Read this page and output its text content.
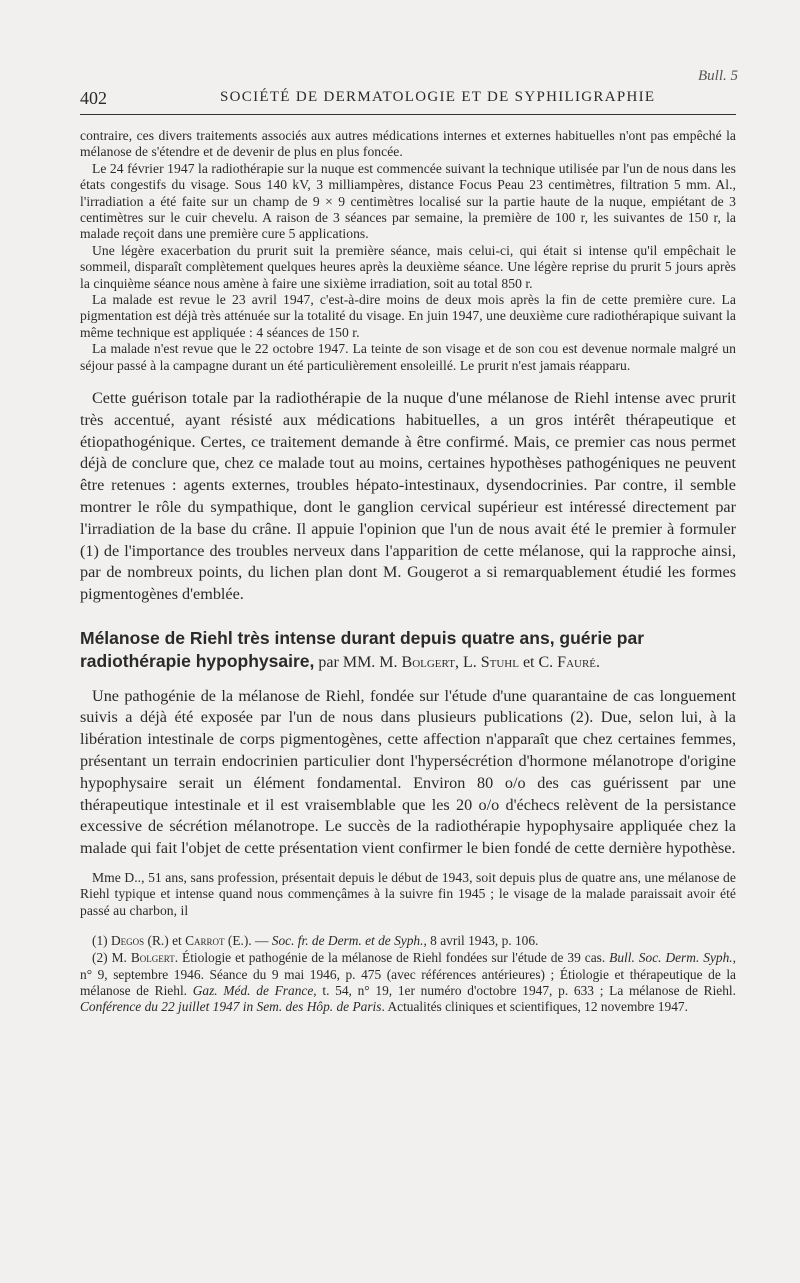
Bull. 5
402	SOCIÉTÉ DE DERMATOLOGIE ET DE SYPHILIGRAPHIE

contraire, ces divers traitements associés aux autres médications internes et externes habituelles n'ont pas empêché la mélanose de s'étendre et de devenir de plus en plus foncée.

Le 24 février 1947 la radiothérapie sur la nuque est commencée suivant la technique utilisée par l'un de nous dans les états congestifs du visage. Sous 140 kV, 3 milliampères, distance Focus Peau 23 centimètres, filtration 5 mm. Al., l'irradiation a été faite sur un champ de 9 × 9 centimètres localisé sur la partie haute de la nuque, empiétant de 3 centimètres sur le cuir chevelu. A raison de 3 séances par semaine, la première de 100 r, les suivantes de 150 r, la malade reçoit dans une première cure 5 applications.

Une légère exacerbation du prurit suit la première séance, mais celui-ci, qui était si intense qu'il empêchait le sommeil, disparaît complètement quelques heures après la deuxième séance. Une légère reprise du prurit 5 jours après la cinquième séance nous amène à faire une sixième irradiation, soit au total 850 r.

La malade est revue le 23 avril 1947, c'est-à-dire moins de deux mois après la fin de cette première cure. La pigmentation est déjà très atténuée sur la totalité du visage. En juin 1947, une deuxième cure radiothérapique suivant la même technique est appliquée : 4 séances de 150 r.

La malade n'est revue que le 22 octobre 1947. La teinte de son visage et de son cou est devenue normale malgré un séjour passé à la campagne durant un été particulièrement ensoleillé. Le prurit n'est jamais réapparu.

Cette guérison totale par la radiothérapie de la nuque d'une mélanose de Riehl intense avec prurit très accentué, ayant résisté aux médications habituelles, a un gros intérêt thérapeutique et étiopathogénique. Certes, ce traitement demande à être confirmé. Mais, ce premier cas nous permet déjà de conclure que, chez ce malade tout au moins, certaines hypothèses pathogéniques ne peuvent être retenues : agents externes, troubles hépato-intestinaux, dysendocrinies. Par contre, il semble montrer le rôle du sympathique, dont le ganglion cervical supérieur est intéressé directement par l'irradiation de la base du crâne. Il appuie l'opinion que l'un de nous avait été le premier à formuler (1) de l'importance des troubles nerveux dans l'apparition de cette mélanose, qui la rapproche ainsi, par de nombreux points, du lichen plan dont M. Gougerot a si remarquablement étudié les formes pigmentogènes d'emblée.

Mélanose de Riehl très intense durant depuis quatre ans, guérie par radiothérapie hypophysaire, par MM. M. Bolgert, L. Stuhl et C. Fauré.

Une pathogénie de la mélanose de Riehl, fondée sur l'étude d'une quarantaine de cas longuement suivis a déjà été exposée par l'un de nous dans plusieurs publications (2). Due, selon lui, à la libération intestinale de corps pigmentogènes, cette affection n'apparaît que chez certaines femmes, présentant un terrain endocrinien particulier dont l'hypersécrétion d'hormone mélanotrope d'origine hypophysaire serait un élément fondamental. Environ 80 o/o des cas guérissent par une thérapeutique intestinale et il est vraisemblable que les 20 o/o d'échecs relèvent de la persistance excessive de sécrétion mélanotrope. Le succès de la radiothérapie hypophysaire appliquée chez la malade qui fait l'objet de cette présentation vient confirmer le bien fondé de cette dernière hypothèse.

Mme D.., 51 ans, sans profession, présentait depuis le début de 1943, soit depuis plus de quatre ans, une mélanose de Riehl typique et intense quand nous commençâmes à la suivre fin 1945 ; le visage de la malade paraissait avoir été passé au charbon, il

(1) Degos (R.) et Carrot (E.). — Soc. fr. de Derm. et de Syph., 8 avril 1943, p. 106.

(2) M. Bolgert. Étiologie et pathogénie de la mélanose de Riehl fondées sur l'étude de 39 cas. Bull. Soc. Derm. Syph., n° 9, septembre 1946. Séance du 9 mai 1946, p. 475 (avec références antérieures) ; Étiologie et thérapeutique de la mélanose de Riehl. Gaz. Méd. de France, t. 54, n° 19, 1er numéro d'octobre 1947, p. 633 ; La mélanose de Riehl. Conférence du 22 juillet 1947 in Sem. des Hôp. de Paris. Actualités cliniques et scientifiques, 12 novembre 1947.
